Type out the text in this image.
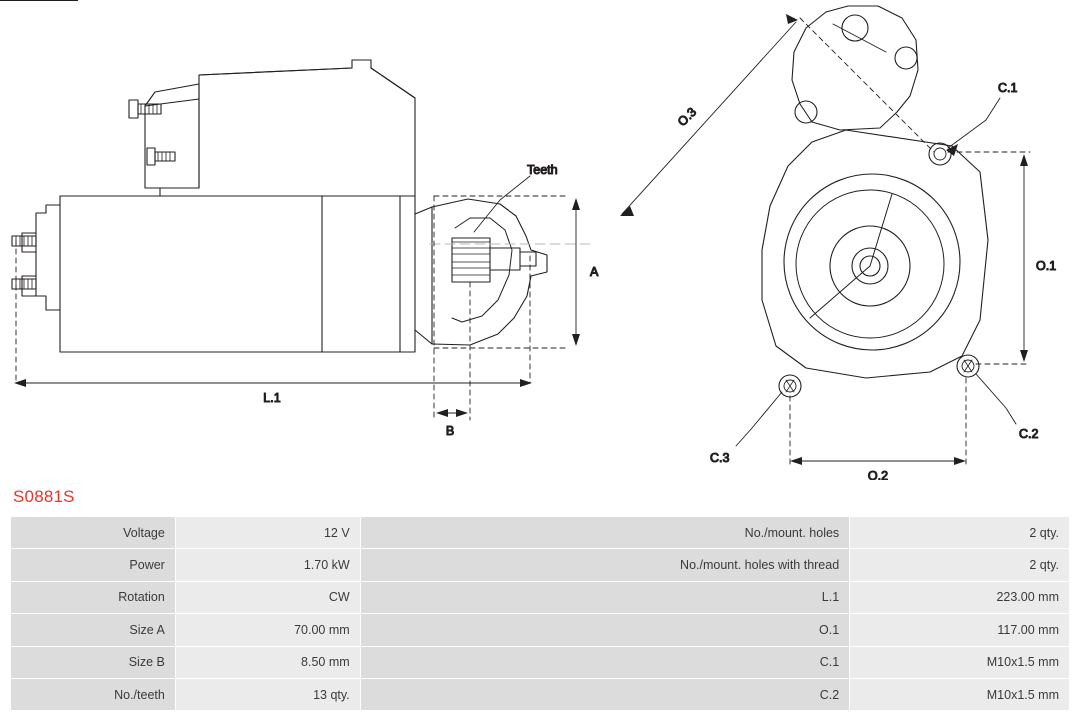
Teeth
A
L.1
B
C.1
C.2
C.3
O.1
O.2
O.3
S0881S
Voltage	12 V	No./mount. holes	2 qty.
Power	1.70 kW	No./mount. holes with thread	2 qty.
Rotation	CW	L.1	223.00 mm
Size A	70.00 mm	O.1	117.00 mm
Size B	8.50 mm	C.1	M10x1.5 mm
No./teeth	13 qty.	C.2	M10x1.5 mm
